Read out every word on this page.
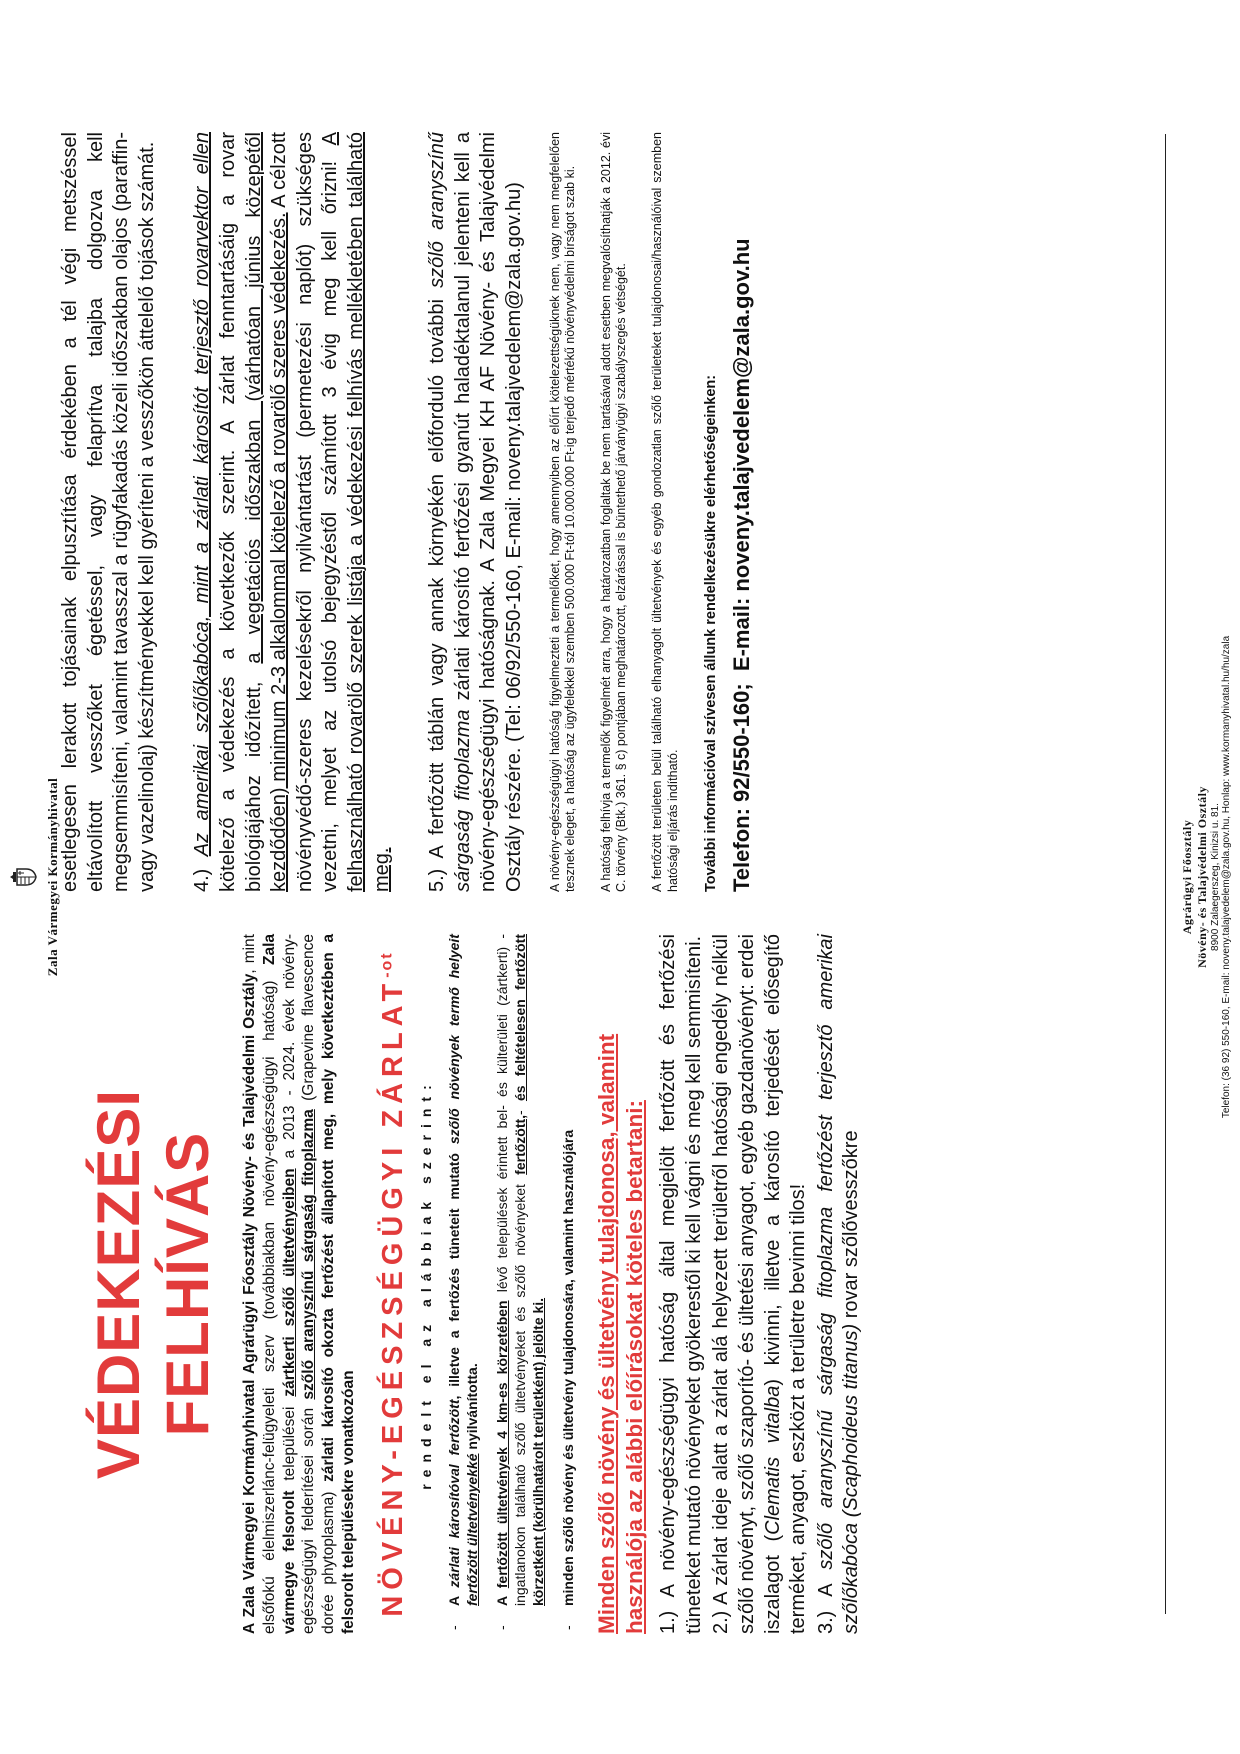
Zala Vármegyei Kormányhivatal
VÉDEKEZÉSI FELHÍVÁS A Zala Vármegyei Kormányhivatal Agrárügyi Főosztály Növény- és Talajvédelmi Osztály, mint elsőfokú élelmiszerlánc-felügyeleti szerv (továbbiakban növény-egészségügyi hatóság) Zala vármegye felsorolt települései zártkerti szőlő ültetvényeiben a 2013 - 2024. évek növény-egészségügyi felderítései során szőlő aranyszínű sárgaság fitoplazma (Grapevine flavescence dorée phytoplasma) zárlati károsító okozta fertőzést állapított meg, mely következtében a felsorolt településekre vonatkozóan NÖVÉNY-EGÉSZSÉGÜGYI $ZÁRLAT^{-ot}$
rendelt el az alábbiak szerint:
-
A zárlati károsítóval fertőzött, illetve a fertőzés tüneteit mutató szőlő növények termő helyeit fertőzött ültetvényekké nyilvánította.
-
A fertőzött ültetvények 4 km-es körzetében lévő települések érintett bel- és külterületi (zártkerti) - ingatlanokon található szőlő ültetvényeket és szőlő növényeket fertőzött,- és feltételesen fertőzött körzetként (körülhatárolt területként) jelölte ki.
-
minden szőlő növény és ültetvény tulajdonosára, valamint használójára Minden szőlő növény és ültetvény tulajdonosa, valamint használója az alábbi előírásokat köteles betartani: 1.) A növény-egészségügyi hatóság által megjelölt fertőzött és fertőzési tüneteket mutató növényeket gyökerestől ki kell vágni és meg kell semmisíteni. 2.) A zárlat ideje alatt a zárlat alá helyezett területről hatósági engedély nélkül szőlő növényt, szőlő szaporító- és ültetési anyagot, egyéb gazdanövényt: erdei iszalagot (Clematis vitalba) kivinni, illetve a károsító terjedését elősegítő terméket, anyagot, eszközt a területre bevinni tilos! 3.) A szőlő aranyszínű sárgaság fitoplazma fertőzést terjesztő amerikai szőlőkabóca (Scaphoideus titanus) rovar szőlővesszőkre

esetlegesen lerakott tojásainak elpusztítása érdekében a tél végi metszéssel eltávolított vesszőket égetéssel, vagy felaprítva talajba dolgozva kell megsemmisíteni, valamint tavasszal a rügyfakadás közeli időszakban olajos (paraffin- vagy vazelinolaj) készítményekkel kell gyéríteni a vesszőkön áttelelő tojások számát. 4.) Az amerikai szőlőkabóca, mint a zárlati károsítót terjesztő rovarvektor ellen kötelező a védekezés a következők szerint. A zárlat fenntartásáig a rovar biológiájához időzített, a vegetációs időszakban (várhatóan június közepétől kezdődően) minimum 2-3 alkalommal kötelező a rovarölő szeres védekezés. A célzott növényvédő-szeres kezelésekről nyilvántartást (permetezési naplót) szükséges vezetni, melyet az utolsó bejegyzéstől számított 3 évig meg kell őrizni! A felhasználható rovarölő szerek listája a védekezési felhívás mellékletében található meg. 5.) A fertőzött táblán vagy annak környékén előforduló további szőlő aranyszínű sárgaság fitoplazma zárlati károsító fertőzési gyanút haladéktalanul jelenteni kell a növény-egészségügyi hatóságnak. A Zala Megyei KH AF Növény- és Talajvédelmi Osztály részére. (Tel: 06/92/550-160, E-mail: noveny.talajvedelem@zala.gov.hu) A növény-egészségügyi hatóság figyelmezteti a termelőket, hogy amennyiben az előírt kötelezettségüknek nem, vagy nem megfelelően tesznek eleget, a hatóság az ügyfelekkel szemben 500.000 Ft-tól 10.000.000 Ft-ig terjedő mértékű növényvédelmi bírságot szab ki. A hatóság felhívja a termelők figyelmét arra, hogy a határozatban foglaltak be nem tartásával adott esetben megvalósíthatják a 2012. évi C. törvény (Btk.) 361. § c) pontjában meghatározott, elzárással is büntethető járványügyi szabályszegés vétségét. A fertőzött területen belül található elhanyagolt ültetvények és egyéb gondozatlan szőlő területeket tulajdonosai/használóival szemben hatósági eljárás indítható. További információval szívesen állunk rendelkezésükre elérhetőségeinken: Telefon: 92/550-160;  E-mail: noveny.talajvedelem@zala.gov.hu
Agrárügyi Főosztály Növény- és Talajvédelmi Osztály 8900 Zalaegerszeg, Kinizsi u. 81. Telefon: (36 92) 550-160, E-mail: noveny.talajvedelem@zala.gov.hu, Honlap: www.kormanyhivatal.hu/hu/zala
